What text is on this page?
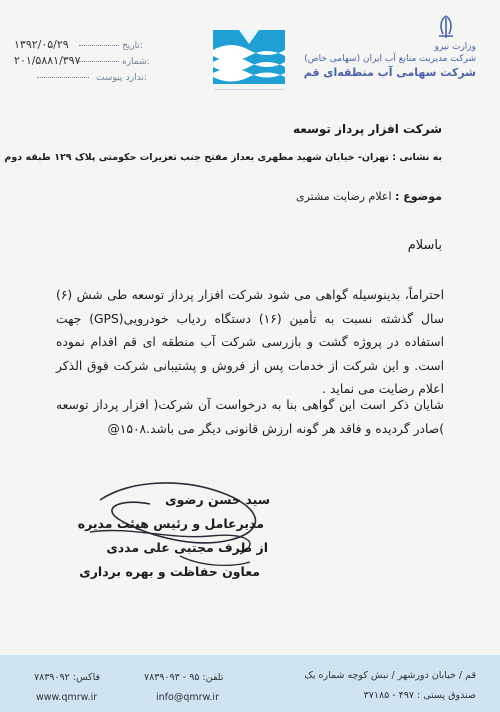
۱۳۹۲/۰۵/۲۹	تاریخ:
۲۰۱/۵۸۸۱/۳۹۷	شماره:
ندارد پیوست:
وزارت نیرو
شرکت مدیریت منابع آب ایران (سهامی خاص)
شرکت سهامی آب منطقه‌ای قم
شرکت افزار پرداز توسعه
به نشانی : تهران- خیابان شهید مطهری بعداز مفتح جنب تعزیرات حکومتی پلاک ۱۲۹ طبقه دوم
موضوع : اعلام رضایت مشتری
باسلام
احتراماً، بدینوسیله گواهی می شود شرکت افزار پرداز توسعه طی شش (۶) سال گذشته نسبت به تأمین (۱۶) دستگاه ردیاب خودرویی(GPS) جهت استفاده در پروژه گشت و بازرسی شرکت آب منطقه ای قم اقدام نموده است. و این شرکت از خدمات پس از فروش و پشتیبانی شرکت فوق الذکر اعلام رضایت می نماید .
شایان ذکر است این گواهی بنا به درخواست آن شرکت( افزار پرداز توسعه )صادر گردیده و فاقد هر گونه ارزش قانونی دیگر می باشد.۱۵۰۸@
سید حسن رضوی
مدیرعامل و رئیس هیئت مدیره
از طرف مجتبی علی مددی
معاون حفاظت و بهره برداری
قم / خیابان دورشهر / نبش کوچه شماره یک
صندوق پستی : ۴۹۷ - ۳۷۱۸۵
تلفن: ۹۵ - ۷۸۳۹۰۹۳
info@qmrw.ir
فاکس: ۷۸۳۹۰۹۲
www.qmrw.ir
